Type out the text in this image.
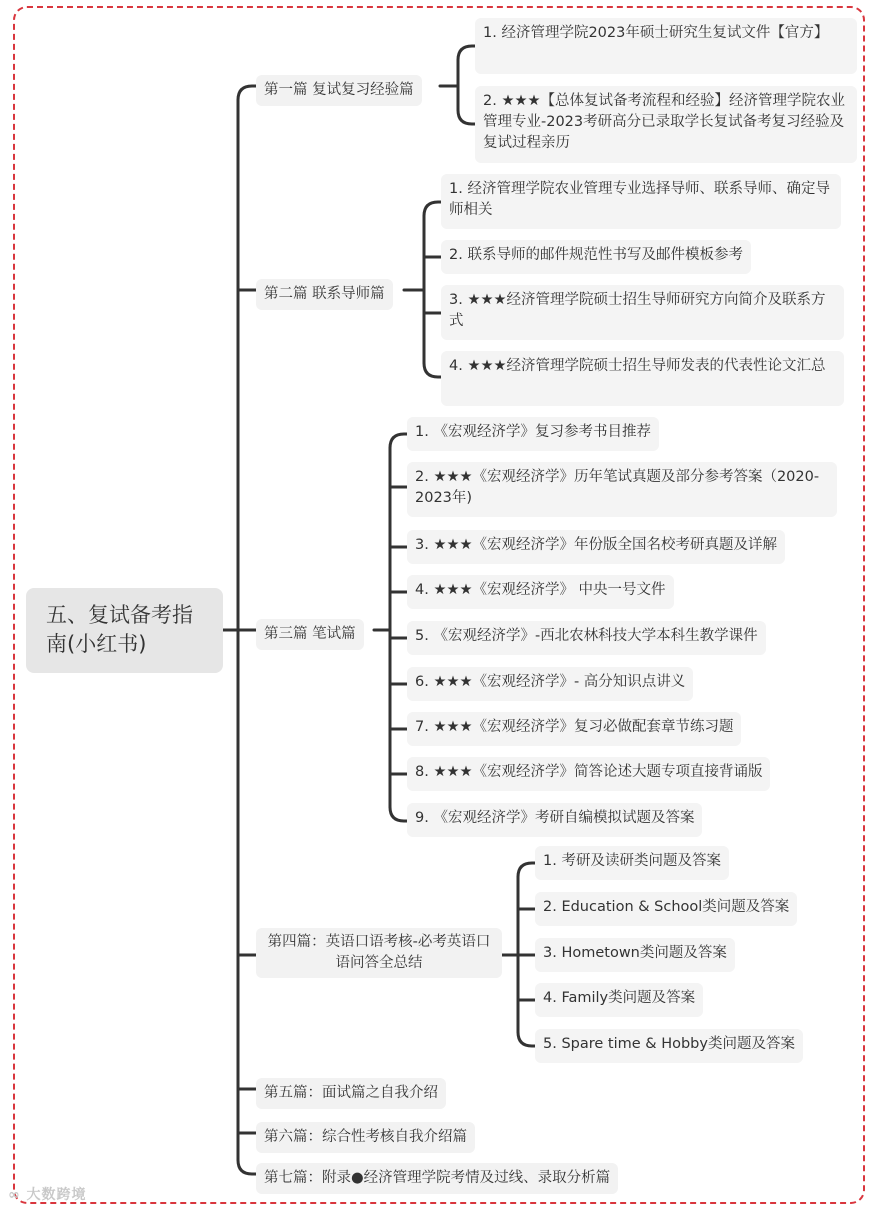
五、复试备考指南(小红书)
第一篇 复试复习经验篇
第二篇 联系导师篇
第三篇 笔试篇
第四篇：英语口语考核-必考英语口语问答全总结
第五篇：面试篇之自我介绍
第六篇：综合性考核自我介绍篇
第七篇：附录●经济管理学院考情及过线、录取分析篇
1. 经济管理学院2023年硕士研究生复试文件【官方】
2. ★★★【总体复试备考流程和经验】经济管理学院农业管理专业-2023考研高分已录取学长复试备考复习经验及复试过程亲历
1. 经济管理学院农业管理专业选择导师、联系导师、确定导师相关
2. 联系导师的邮件规范性书写及邮件模板参考
3. ★★★经济管理学院硕士招生导师研究方向简介及联系方式
4. ★★★经济管理学院硕士招生导师发表的代表性论文汇总
1. 《宏观经济学》复习参考书目推荐
2. ★★★《宏观经济学》历年笔试真题及部分参考答案（2020-2023年)
3. ★★★《宏观经济学》年份版全国名校考研真题及详解
4. ★★★《宏观经济学》 中央一号文件
5. 《宏观经济学》-西北农林科技大学本科生教学课件
6. ★★★《宏观经济学》- 高分知识点讲义
7. ★★★《宏观经济学》复习必做配套章节练习题
8. ★★★《宏观经济学》简答论述大题专项直接背诵版
9. 《宏观经济学》考研自编模拟试题及答案
1. 考研及读研类问题及答案
2. Education & School类问题及答案
3. Hometown类问题及答案
4. Family类问题及答案
5. Spare time & Hobby类问题及答案
∞ 大数跨境
